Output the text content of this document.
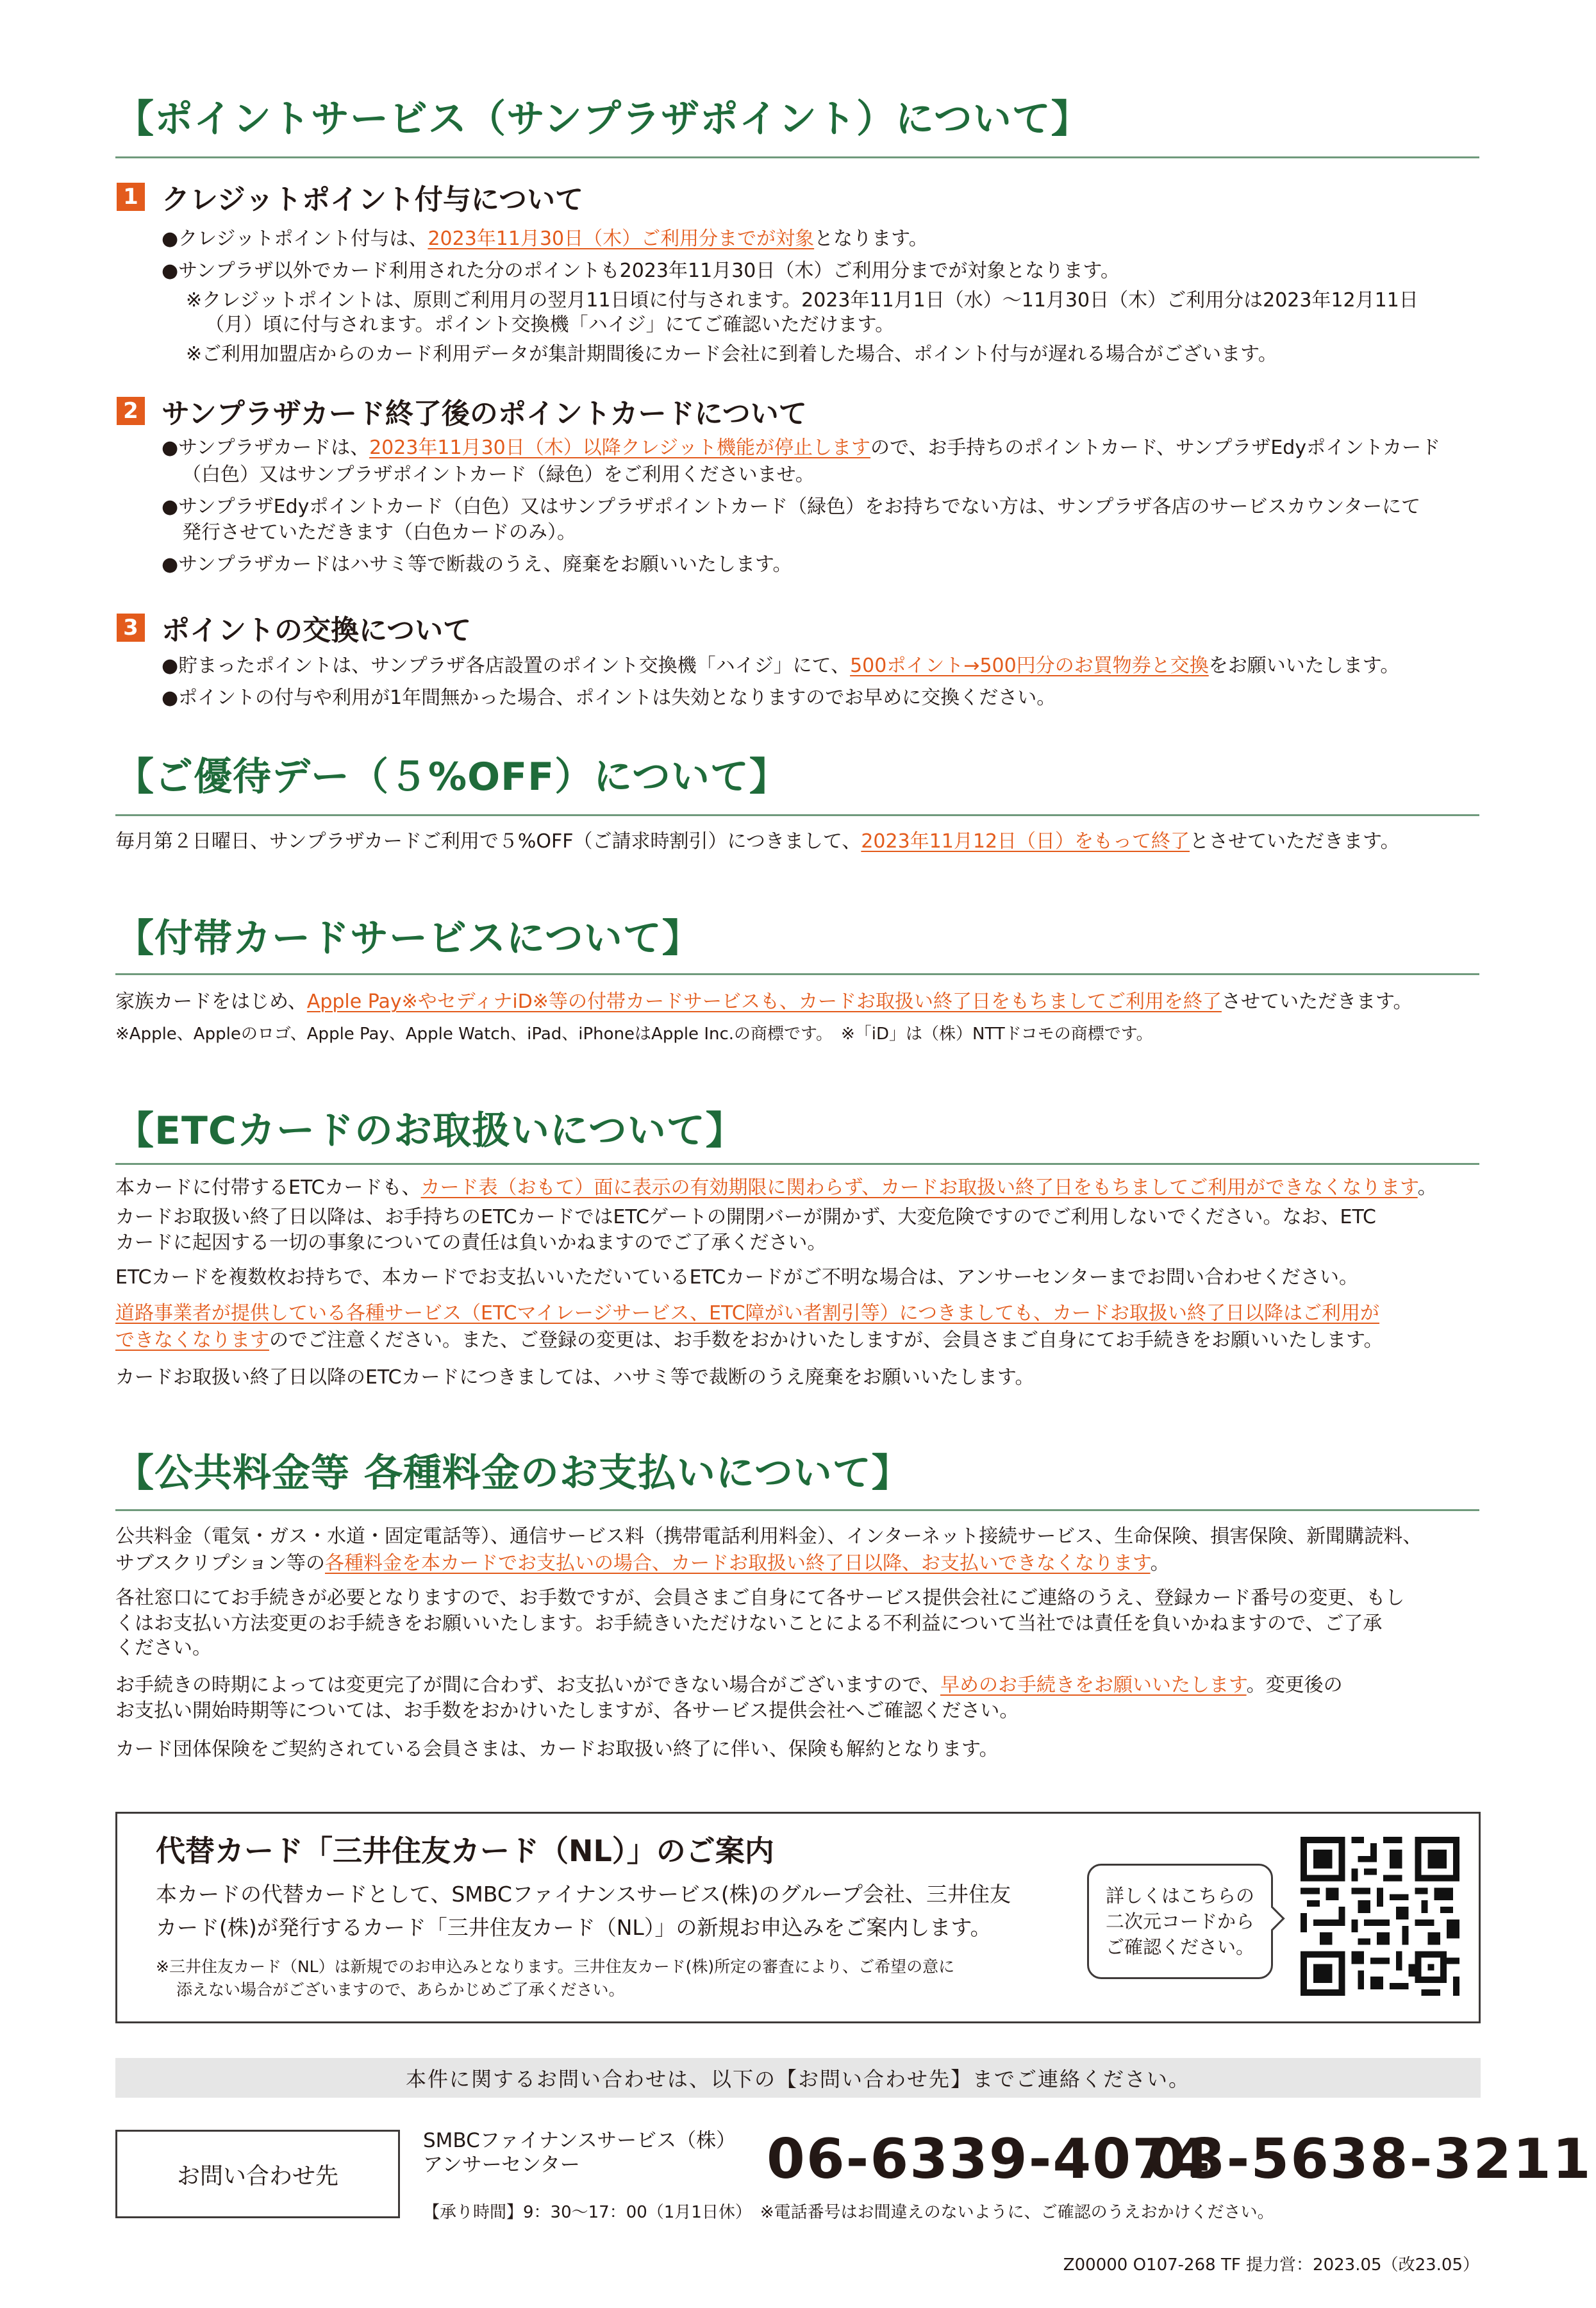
【ポイントサービス（サンプラザポイント）について】
1 クレジットポイント付与について
●クレジットポイント付与は、2023年11月30日（木）ご利用分までが対象となります。
●サンプラザ以外でカード利用された分のポイントも2023年11月30日（木）ご利用分までが対象となります。
※クレジットポイントは、原則ご利用月の翌月11日頃に付与されます。2023年11月1日（水）～11月30日（木）ご利用分は2023年12月11日
（月）頃に付与されます。ポイント交換機「ハイジ」にてご確認いただけます。
※ご利用加盟店からのカード利用データが集計期間後にカード会社に到着した場合、ポイント付与が遅れる場合がございます。
2 サンプラザカード終了後のポイントカードについて
●サンプラザカードは、2023年11月30日（木）以降クレジット機能が停止しますので、お手持ちのポイントカード、サンプラザEdyポイントカード
（白色）又はサンプラザポイントカード（緑色）をご利用くださいませ。
●サンプラザEdyポイントカード（白色）又はサンプラザポイントカード（緑色）をお持ちでない方は、サンプラザ各店のサービスカウンターにて
発行させていただきます（白色カードのみ）。
●サンプラザカードはハサミ等で断裁のうえ、廃棄をお願いいたします。
3 ポイントの交換について
●貯まったポイントは、サンプラザ各店設置のポイント交換機「ハイジ」にて、500ポイント→500円分のお買物券と交換をお願いいたします。
●ポイントの付与や利用が1年間無かった場合、ポイントは失効となりますのでお早めに交換ください。
【ご優待デー（５%OFF）について】
毎月第２日曜日、サンプラザカードご利用で５%OFF（ご請求時割引）につきまして、2023年11月12日（日）をもって終了とさせていただきます。
【付帯カードサービスについて】
家族カードをはじめ、Apple Pay※やセディナiD※等の付帯カードサービスも、カードお取扱い終了日をもちましてご利用を終了させていただきます。
※Apple、Appleのロゴ、Apple Pay、Apple Watch、iPad、iPhoneはApple Inc.の商標です。　※「iD」は（株）NTTドコモの商標です。
【ETCカードのお取扱いについて】
本カードに付帯するETCカードも、カード表（おもて）面に表示の有効期限に関わらず、カードお取扱い終了日をもちましてご利用ができなくなります。
カードお取扱い終了日以降は、お手持ちのETCカードではETCゲートの開閉バーが開かず、大変危険ですのでご利用しないでください。なお、ETC
カードに起因する一切の事象についての責任は負いかねますのでご了承ください。
ETCカードを複数枚お持ちで、本カードでお支払いいただいているETCカードがご不明な場合は、アンサーセンターまでお問い合わせください。
道路事業者が提供している各種サービス（ETCマイレージサービス、ETC障がい者割引等）につきましても、カードお取扱い終了日以降はご利用が
できなくなりますのでご注意ください。また、ご登録の変更は、お手数をおかけいたしますが、会員さまご自身にてお手続きをお願いいたします。
カードお取扱い終了日以降のETCカードにつきましては、ハサミ等で裁断のうえ廃棄をお願いいたします。
【公共料金等 各種料金のお支払いについて】
公共料金（電気・ガス・水道・固定電話等）、通信サービス料（携帯電話利用料金）、インターネット接続サービス、生命保険、損害保険、新聞購読料、
サブスクリプション等の各種料金を本カードでお支払いの場合、カードお取扱い終了日以降、お支払いできなくなります。
各社窓口にてお手続きが必要となりますので、お手数ですが、会員さまご自身にて各サービス提供会社にご連絡のうえ、登録カード番号の変更、もし
くはお支払い方法変更のお手続きをお願いいたします。お手続きいただけないことによる不利益について当社では責任を負いかねますので、ご了承
ください。
お手続きの時期によっては変更完了が間に合わず、お支払いができない場合がございますので、早めのお手続きをお願いいたします。変更後の
お支払い開始時期等については、お手数をおかけいたしますが、各サービス提供会社へご確認ください。
カード団体保険をご契約されている会員さまは、カードお取扱い終了に伴い、保険も解約となります。
代替カード「三井住友カード（NL）」のご案内
本カードの代替カードとして、SMBCファイナンスサービス(株)のグループ会社、三井住友
カード(株)が発行するカード「三井住友カード（NL）」の新規お申込みをご案内します。
※三井住友カード（NL）は新規でのお申込みとなります。三井住友カード(株)所定の審査により、ご希望の意に
添えない場合がございますので、あらかじめご了承ください。
詳しくはこちらの
二次元コードから
ご確認ください。
本件に関するお問い合わせは、以下の【お問い合わせ先】までご連絡ください。
お問い合わせ先
SMBCファイナンスサービス（株）
アンサーセンター	06-6339-4074
03-5638-3211
【承り時間】9：30～17：00（1月1日休）　※電話番号はお間違えのないように、ご確認のうえおかけください。
Z00000 O107-268 TF 提力営：2023.05（改23.05）
